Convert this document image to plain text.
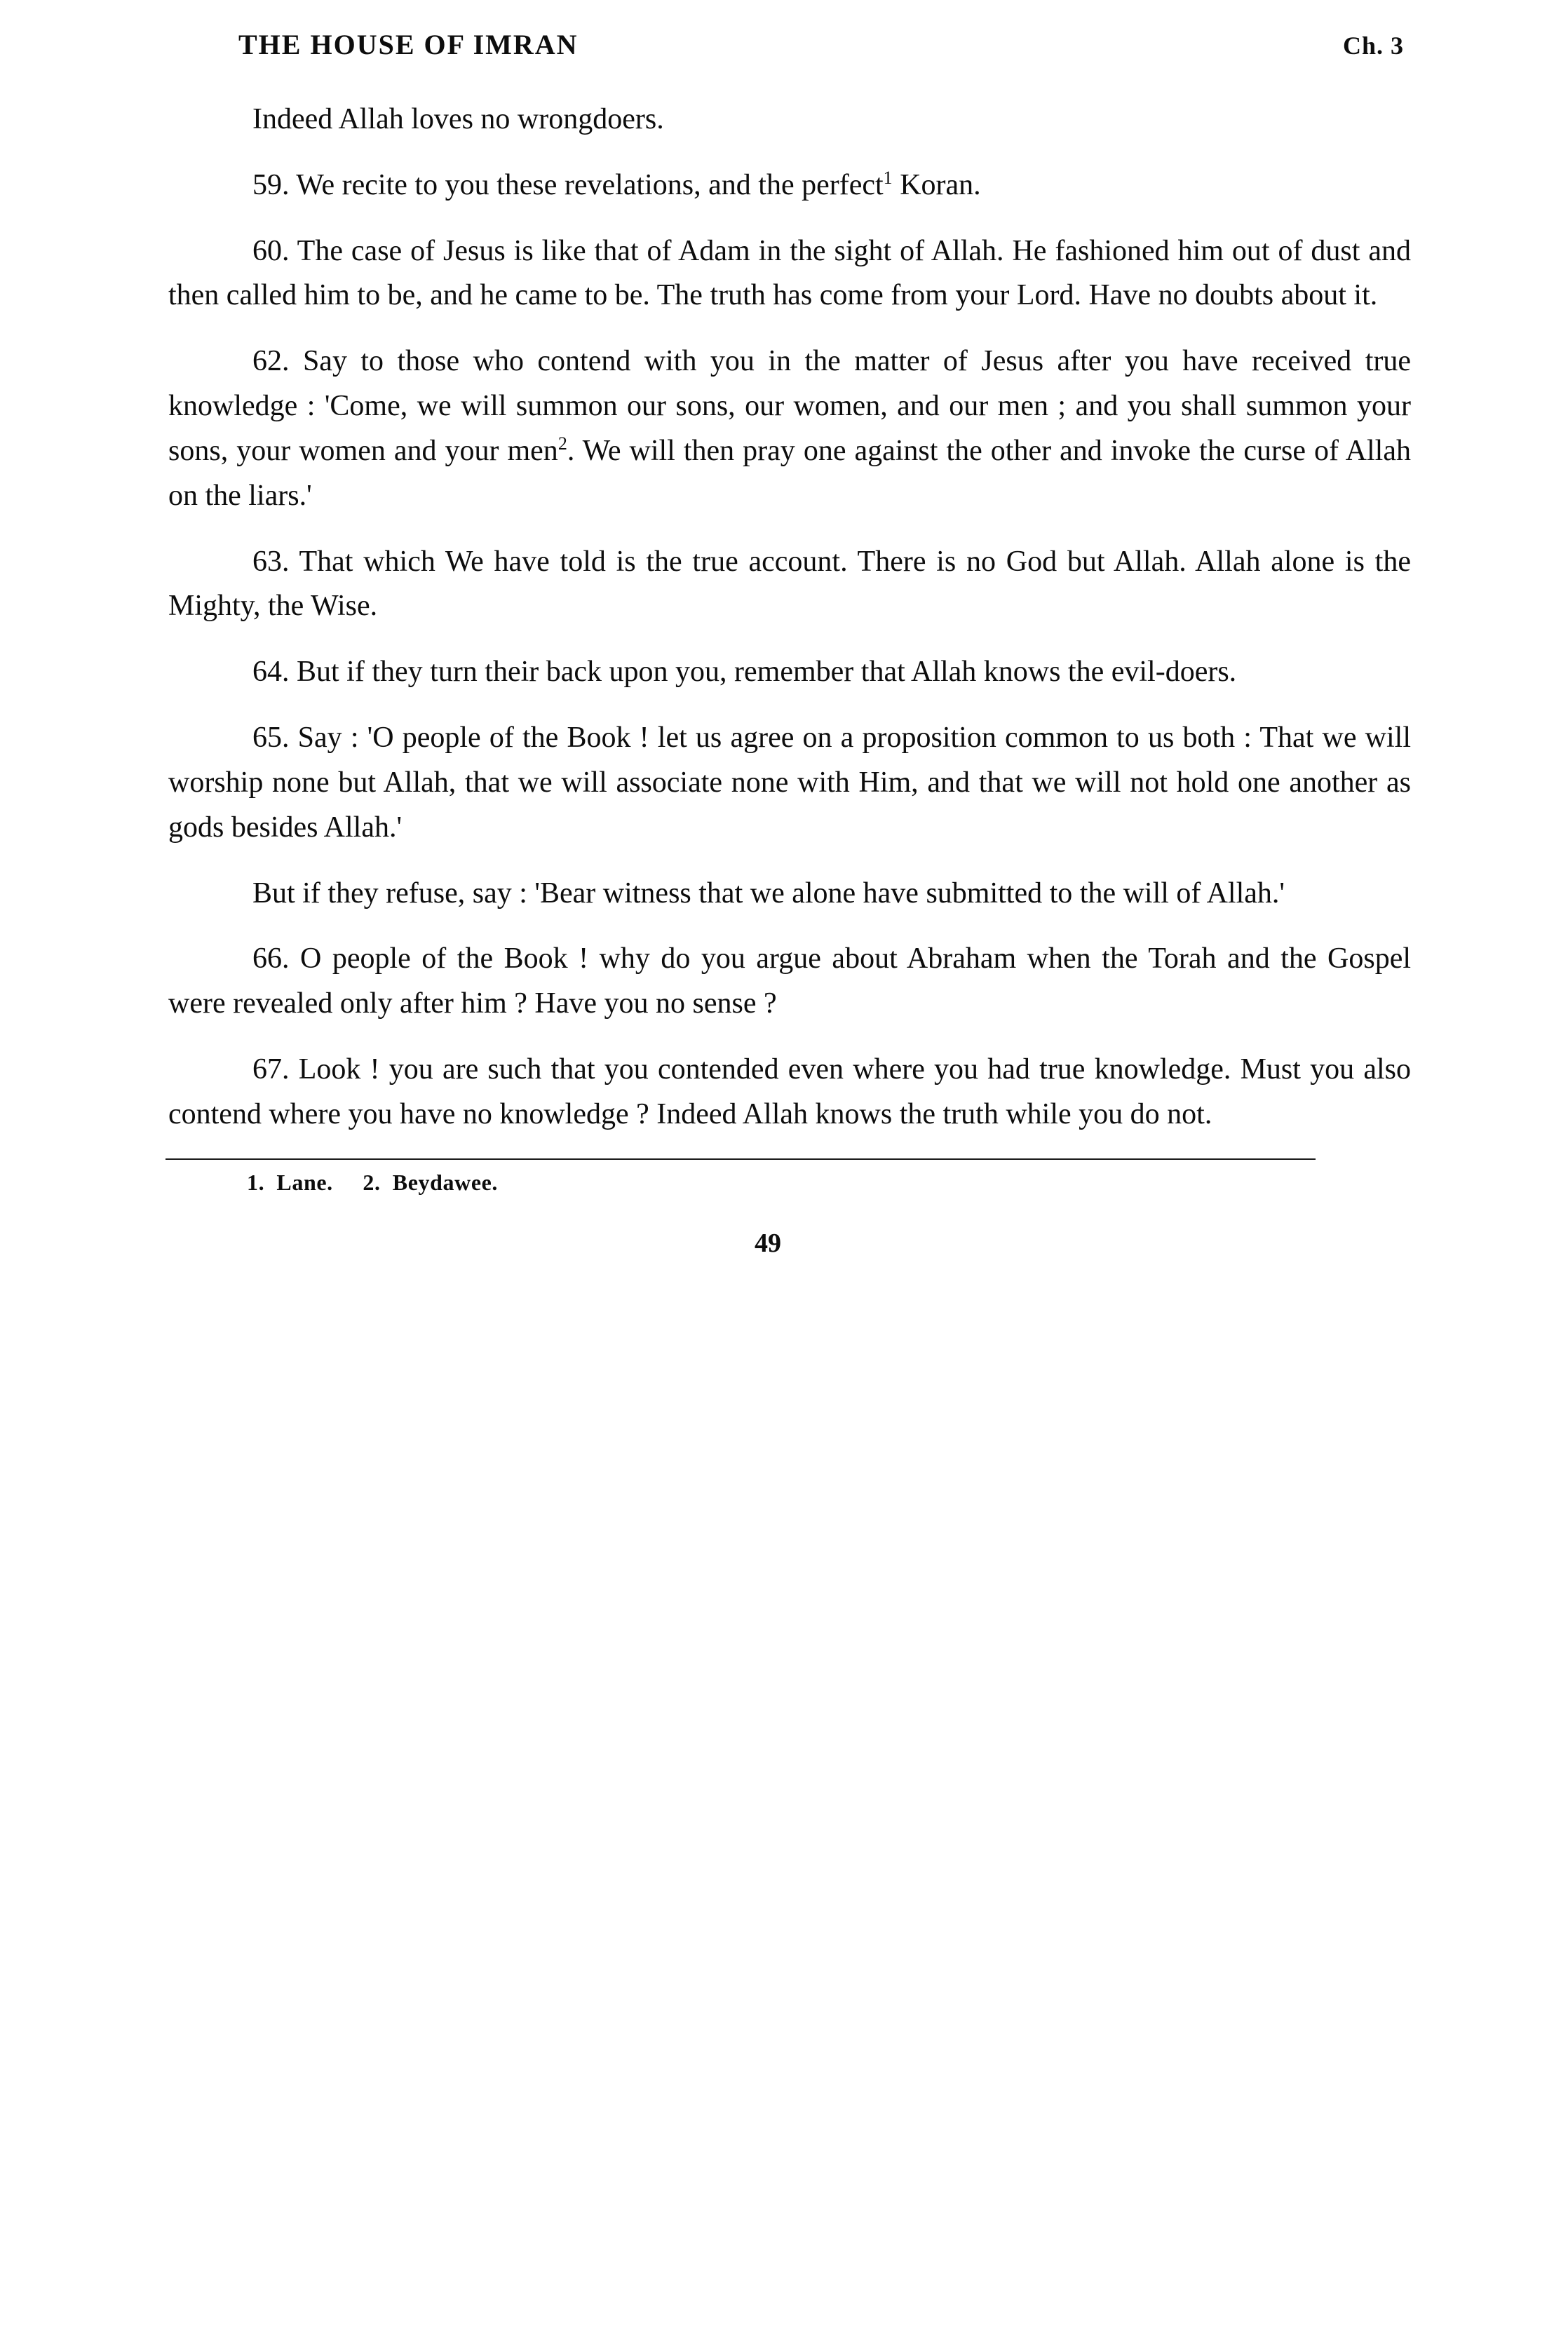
THE HOUSE OF IMRAN	Ch. 3

Indeed Allah loves no wrongdoers.

59. We recite to you these revelations, and the perfect$^1$ Koran.

60. The case of Jesus is like that of Adam in the sight of Allah. He fashioned him out of dust and then called him to be, and he came to be. The truth has come from your Lord. Have no doubts about it.

62. Say to those who contend with you in the matter of Jesus after you have received true knowledge : 'Come, we will summon our sons, our women, and our men ; and you shall summon your sons, your women and your men$^2$. We will then pray one against the other and invoke the curse of Allah on the liars.'

63. That which We have told is the true account. There is no God but Allah. Allah alone is the Mighty, the Wise.

64. But if they turn their back upon you, remember that Allah knows the evil-doers.

65. Say : 'O people of the Book ! let us agree on a proposition common to us both : That we will worship none but Allah, that we will associate none with Him, and that we will not hold one another as gods besides Allah.'

But if they refuse, say : 'Bear witness that we alone have submitted to the will of Allah.'

66. O people of the Book ! why do you argue about Abraham when the Torah and the Gospel were revealed only after him ? Have you no sense ?

67. Look ! you are such that you contended even where you had true knowledge. Must you also contend where you have no knowledge ? Indeed Allah knows the truth while you do not.

1. Lane. 2. Beydawee.
49
